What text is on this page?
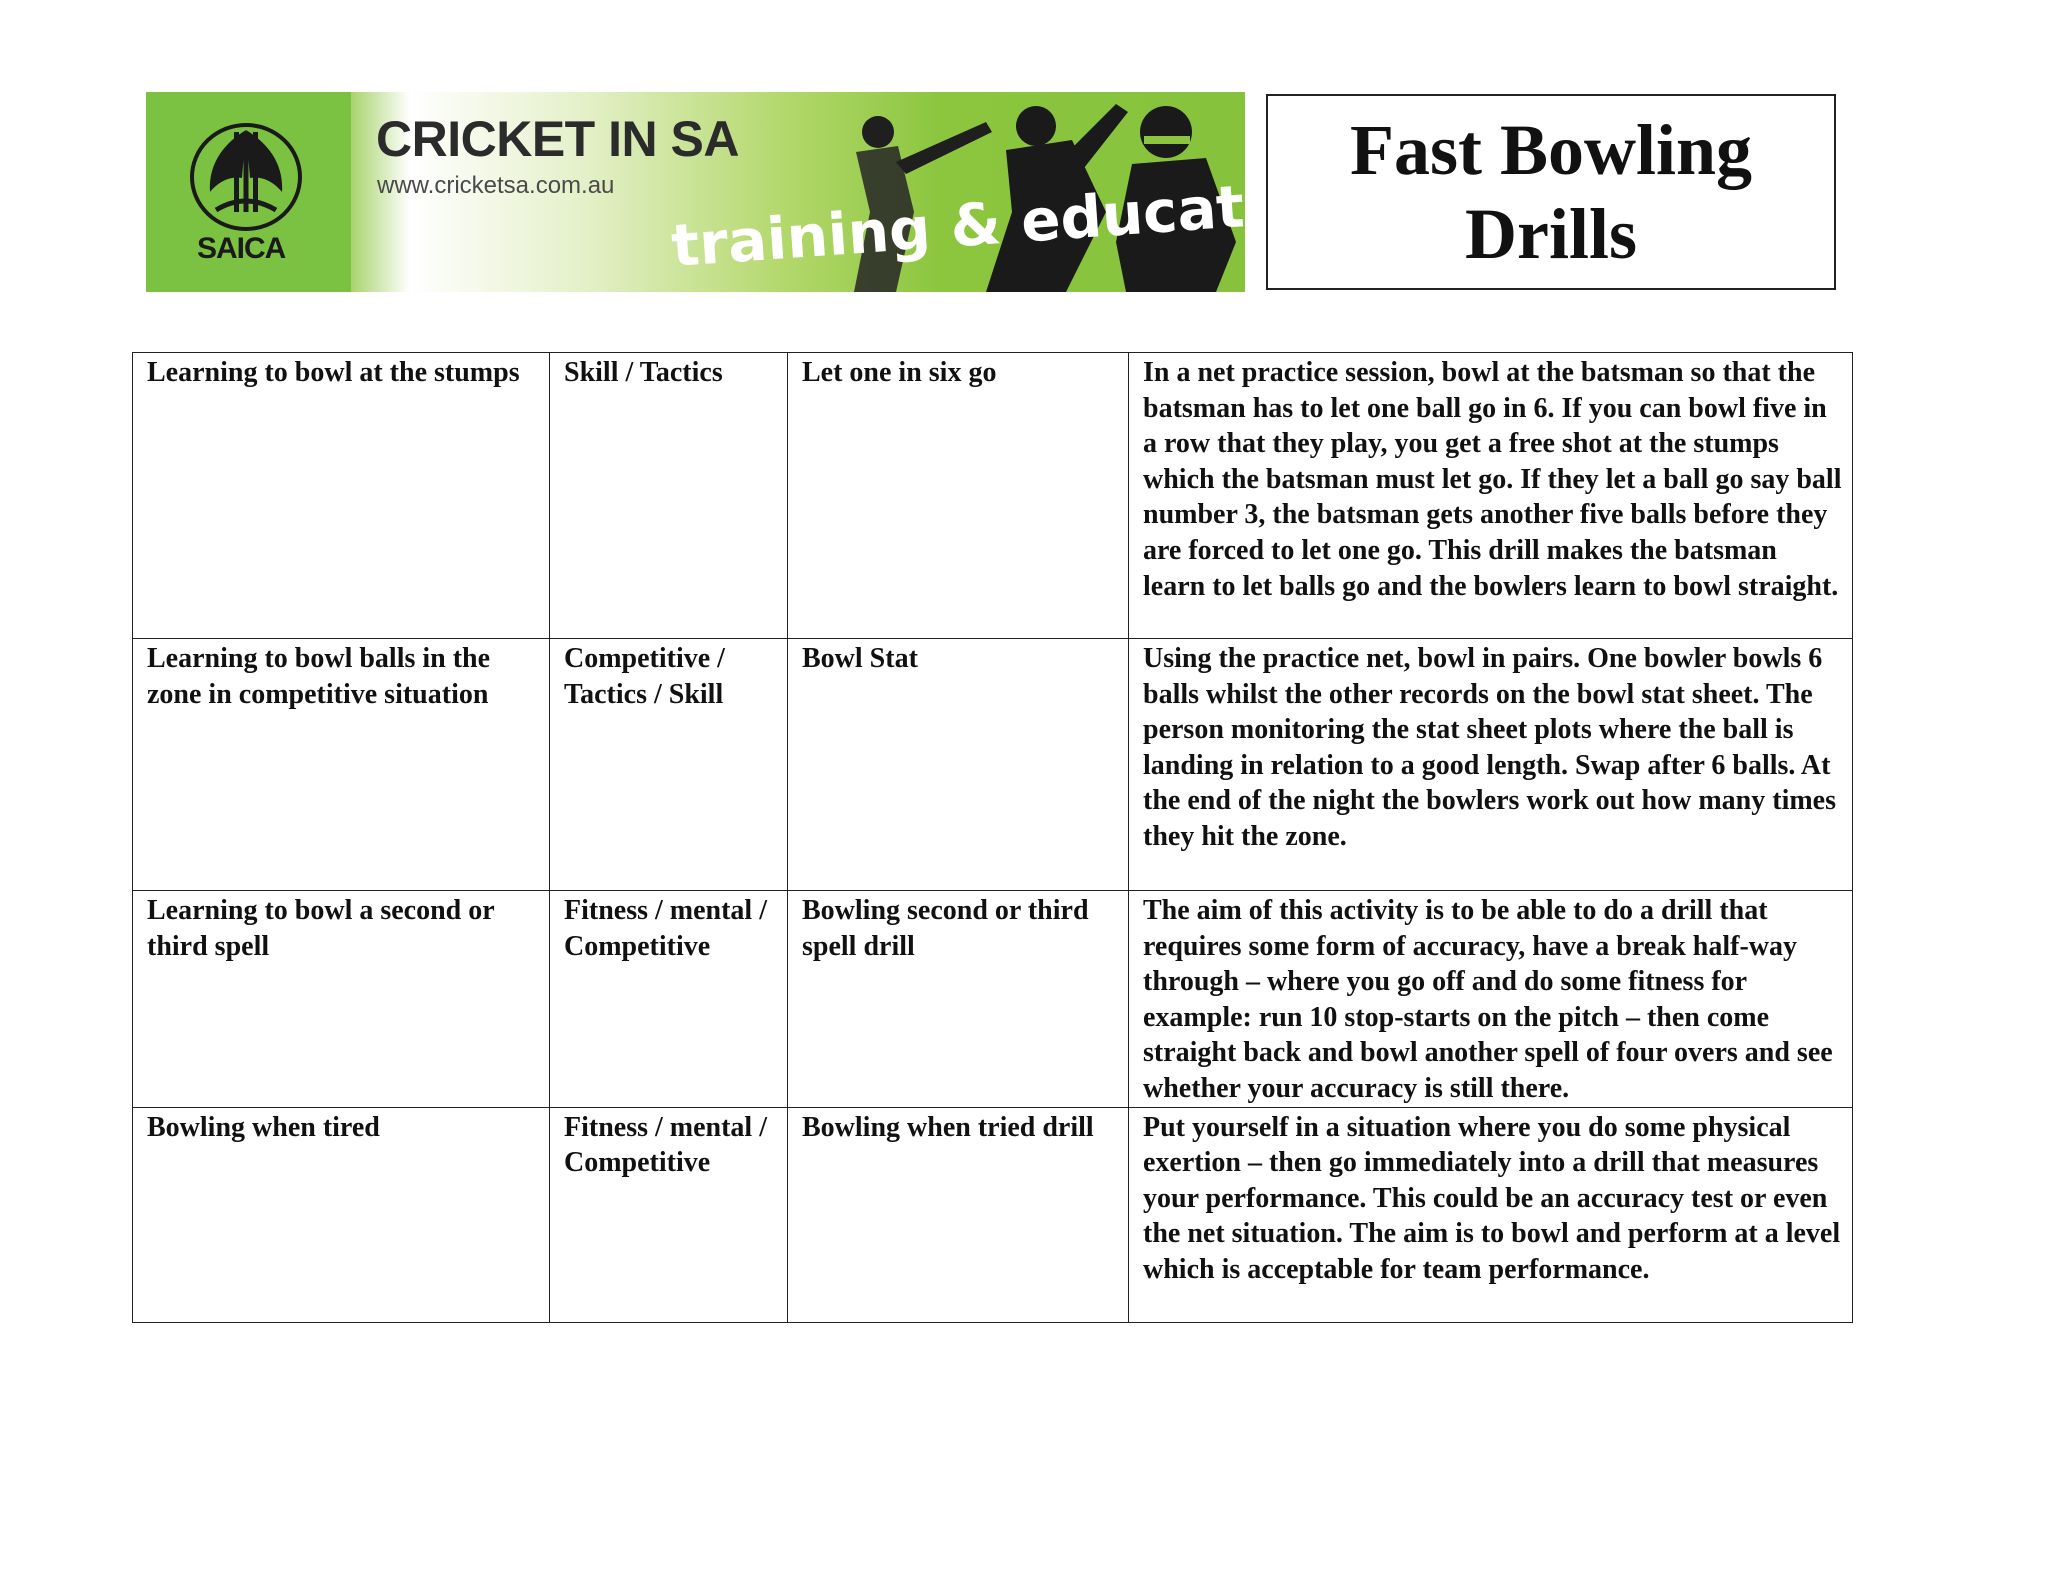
SAICA
CRICKET IN SA
www.cricketsa.com.au training & education
Fast Bowling
Drills
Learning to bowl at the stumps	Skill / Tactics	Let one in six go	In a net practice session, bowl at the batsman so that the batsman has to let one ball go in 6. If you can bowl five in a row that they play, you get a free shot at the stumps which the batsman must let go. If they let a ball go say ball number 3, the batsman gets another five balls before they are forced to let one go. This drill makes the batsman learn to let balls go and the bowlers learn to bowl straight.
Learning to bowl balls in the zone in competitive situation	Competitive / Tactics / Skill	Bowl Stat	Using the practice net, bowl in pairs. One bowler bowls 6 balls whilst the other records on the bowl stat sheet. The person monitoring the stat sheet plots where the ball is landing in relation to a good length. Swap after 6 balls. At the end of the night the bowlers work out how many times they hit the zone.
Learning to bowl a second or third spell	Fitness / mental / Competitive	Bowling second or third spell drill	The aim of this activity is to be able to do a drill that requires some form of accuracy, have a break half-way through – where you go off and do some fitness for example: run 10 stop-starts on the pitch – then come straight back and bowl another spell of four overs and see whether your accuracy is still there.
Bowling when tired	Fitness / mental / Competitive	Bowling when tried drill	Put yourself in a situation where you do some physical exertion – then go immediately into a drill that measures your performance. This could be an accuracy test or even the net situation. The aim is to bowl and perform at a level which is acceptable for team performance.
